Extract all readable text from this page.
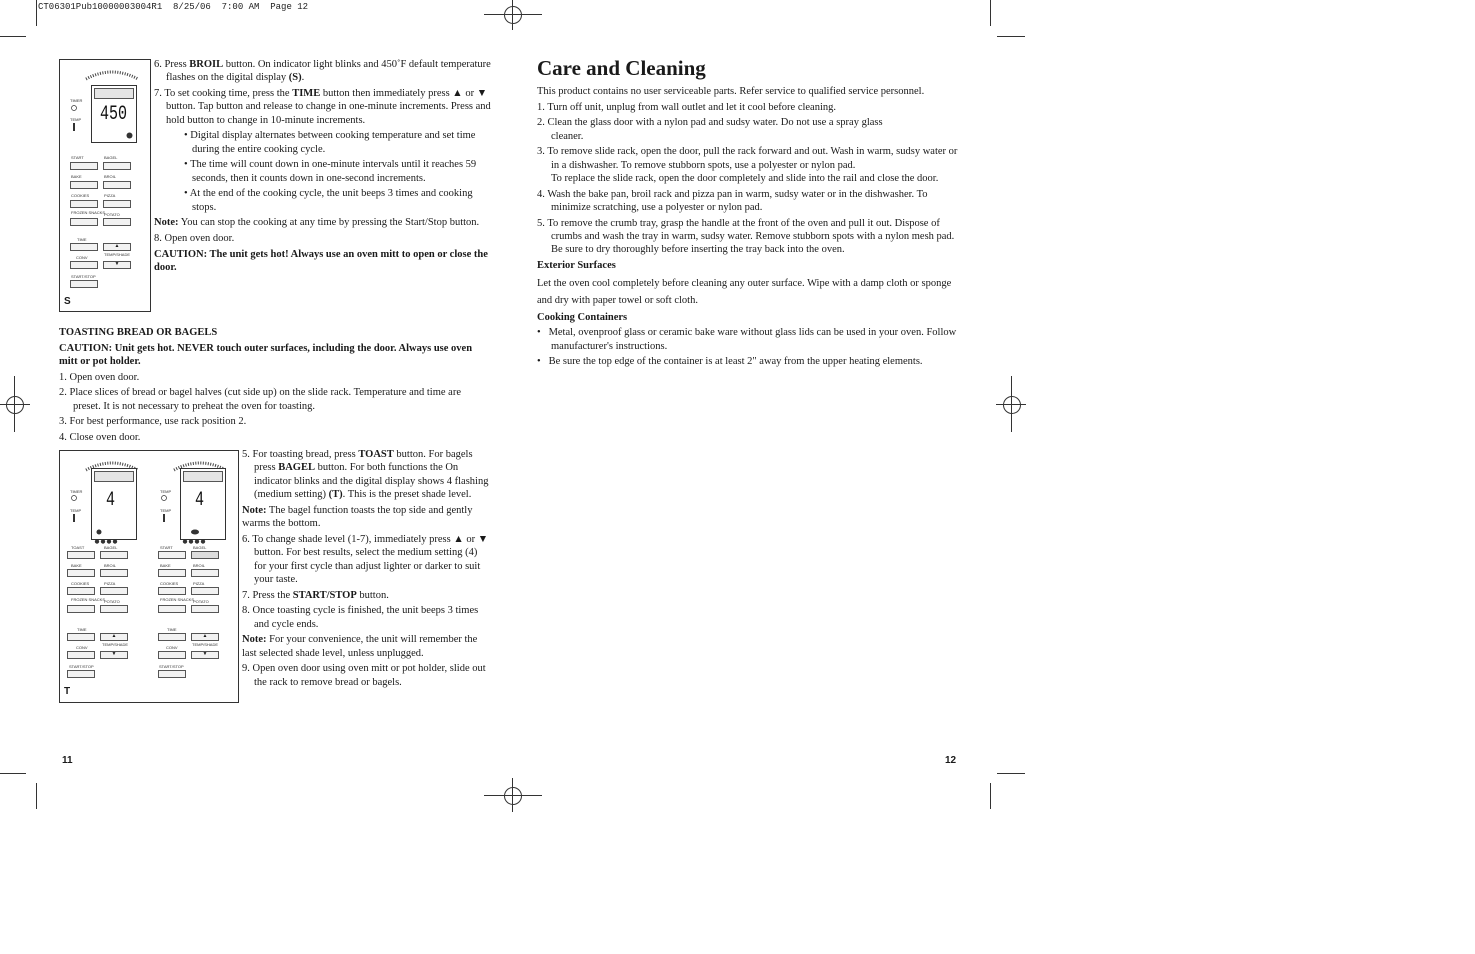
CT06301Pub10000003004R1  8/25/06  7:00 AM  Page 12
450
TIMER
TEMP
START	BAGEL
BAKE	BROIL
COOKIES	PIZZA
FROZEN SNACKS
POTATO
TIME
▲
CONV
TEMP/SHADE
▼
START/STOP
S

6. Press BROIL button. On indicator light blinks and 450˚F default temperature flashes on the digital display (S).

7. To set cooking time, press the TIME button then immediately press ▲ or ▼ button. Tap button and release to change in one-minute increments. Press and hold button to change in 10-minute increments.

• Digital display alternates between cooking temperature and set time during the entire cooking cycle.

• The time will count down in one-minute intervals until it reaches 59 seconds, then it counts down in one-second increments.

• At the end of the cooking cycle, the unit beeps 3 times and cooking stops.

Note: You can stop the cooking at any time by pressing the Start/Stop button.

8. Open oven door.

CAUTION: The unit gets hot! Always use an oven mitt to open or close the door.

TOASTING BREAD OR BAGELS

CAUTION: Unit gets hot. NEVER touch outer surfaces, including the door. Always use oven mitt or pot holder.

1. Open oven door.

2. Place slices of bread or bagel halves (cut side up) on the slide rack. Temperature and time are preset. It is not necessary to preheat the oven for toasting.

3. For best performance, use rack position 2.

4. Close oven door.

4
TIMER
TEMP
TOAST	BAGEL
BAKE	BROIL
COOKIES	PIZZA
FROZEN SNACKS
POTATO
TIME
▲
CONV
TEMP/SHADE
▼
START/STOP
4
TEMP
TEMP
START	BAGEL
BAKE	BROIL
COOKIES	PIZZA
FROZEN SNACKS
POTATO
TIME
▲
CONV
TEMP/SHADE
▼
START/STOP
T

5. For toasting bread, press TOAST button. For bagels press BAGEL button. For both functions the On indicator blinks and the digital display shows 4 flashing (medium setting) (T). This is the preset shade level.

Note: The bagel function toasts the top side and gently warms the bottom.

6. To change shade level (1-7), immediately press ▲ or ▼ button. For best results, select the medium setting (4) for your first cycle than adjust lighter or darker to suit your taste.

7. Press the START/STOP button.

8. Once toasting cycle is finished, the unit beeps 3 times and cycle ends.

Note: For your convenience, the unit will remember the last selected shade level, unless unplugged.

9. Open oven door using oven mitt or pot holder, slide out the rack to remove bread or bagels.

11
Care and Cleaning

This product contains no user serviceable parts. Refer service to qualified service personnel.

1. Turn off unit, unplug from wall outlet and let it cool before cleaning.

2. Clean the glass door with a nylon pad and sudsy water. Do not use a spray glass cleaner.

3. To remove slide rack, open the door, pull the rack forward and out. Wash in warm, sudsy water or in a dishwasher. To remove stubborn spots, use a polyester or nylon pad.
To replace the slide rack, open the door completely and slide into the rail and close the door.

4. Wash the bake pan, broil rack and pizza pan in warm, sudsy water or in the dishwasher. To minimize scratching, use a polyester or nylon pad.

5. To remove the crumb tray, grasp the handle at the front of the oven and pull it out. Dispose of crumbs and wash the tray in warm, sudsy water. Remove stubborn spots with a nylon mesh pad. Be sure to dry thoroughly before inserting the tray back into the oven.

Exterior Surfaces

Let the oven cool completely before cleaning any outer surface. Wipe with a damp cloth or sponge and dry with paper towel or soft cloth.

Cooking Containers

•   Metal, ovenproof glass or ceramic bake ware without glass lids can be used in your oven. Follow manufacturer's instructions.

•   Be sure the top edge of the container is at least 2" away from the upper heating elements.

12
